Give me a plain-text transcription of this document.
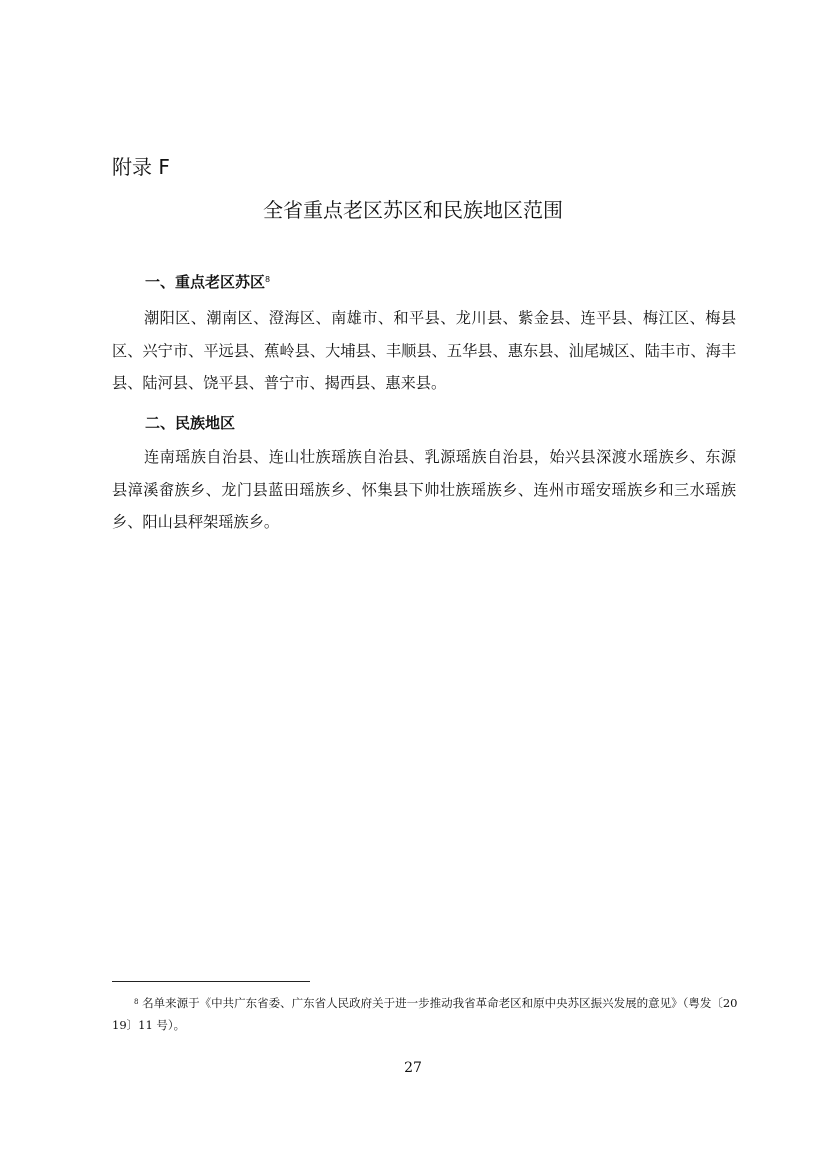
附录 F
全省重点老区苏区和民族地区范围
一、重点老区苏区$^8$
潮阳区、潮南区、澄海区、南雄市、和平县、龙川县、紫金县、连平县、梅江区、梅县区、兴宁市、平远县、蕉岭县、大埔县、丰顺县、五华县、惠东县、汕尾城区、陆丰市、海丰县、陆河县、饶平县、普宁市、揭西县、惠来县。
二、民族地区
连南瑶族自治县、连山壮族瑶族自治县、乳源瑶族自治县，始兴县深渡水瑶族乡、东源县漳溪畲族乡、龙门县蓝田瑶族乡、怀集县下帅壮族瑶族乡、连州市瑶安瑶族乡和三水瑶族乡、阳山县秤架瑶族乡。
$^8$ 名单来源于《中共广东省委、广东省人民政府关于进一步推动我省革命老区和原中央苏区振兴发展的意见》（粤发〔2019〕11 号）。
27
